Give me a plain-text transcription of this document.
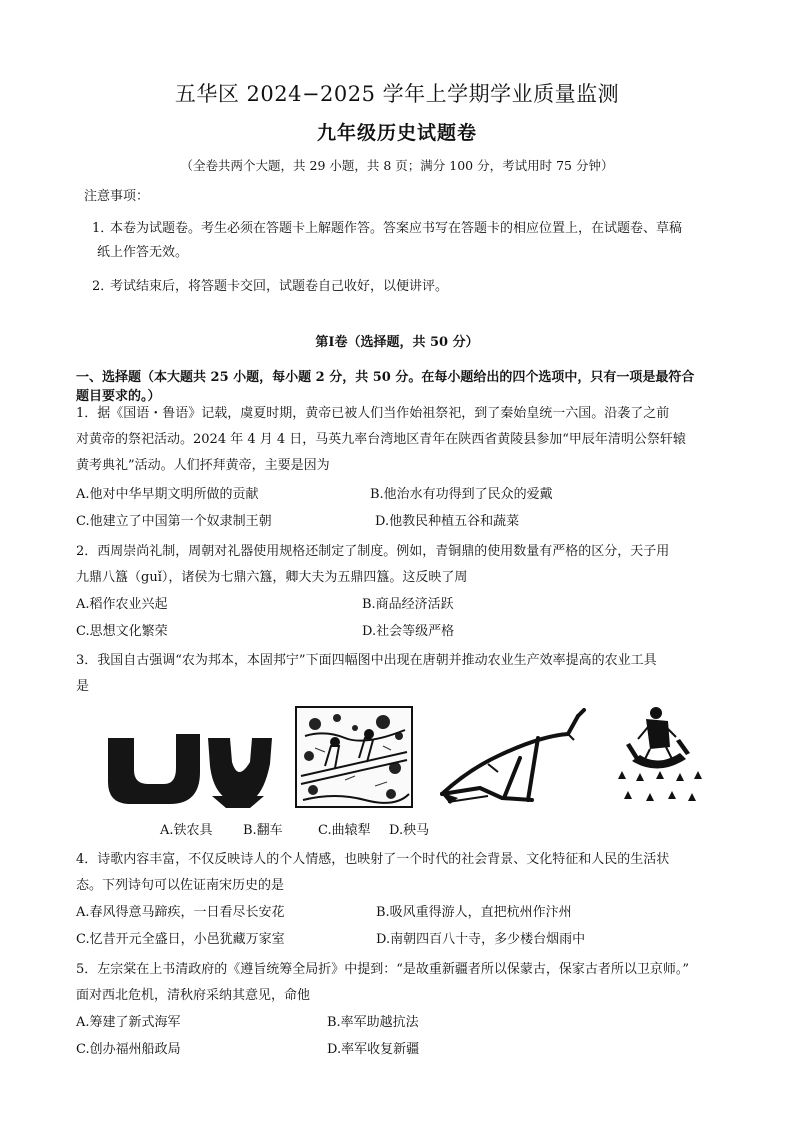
五华区 2024−2025 学年上学期学业质量监测
九年级历史试题卷
（全卷共两个大题，共 29 小题，共 8 页；满分 100 分，考试用时 75 分钟）
注意事项：
1．
本卷为试题卷。考生必须在答题卡上解题作答。答案应书写在答题卡的相应位置上，在试题卷、草稿
纸上作答无效。
2．
考试结束后，将答题卡交回，试题卷自己收好，以便讲评。
第Ⅰ卷（选择题，共 50 分）
一、选择题（本大题共 25 小题，每小题 2 分，共 50 分。在每小题给出的四个选项中，只有一项是最符合
题目要求的。）
1．据《国语・鲁语》记载，虞夏时期，黄帝已被人们当作始祖祭祀，到了秦始皇统一六国。沿袭了之前
对黄帝的祭祀活动。2024 年 4 月 4 日，马英九率台湾地区青年在陕西省黄陵县参加“甲辰年清明公祭轩辕
黄考典礼”活动。人们抔拜黄帝，主要是因为
A.他对中华早期文明所做的贡献	B.他治水有功得到了民众的爱戴
C.他建立了中国第一个奴隶制王朝	D.他教民种植五谷和蔬菜
2．西周崇尚礼制，周朝对礼器使用规格还制定了制度。例如，青铜鼎的使用数量有严格的区分，天子用
九鼎八簋（guǐ），诸侯为七鼎六簋，卿大夫为五鼎四簋。这反映了周
A.稻作农业兴起	B.商品经济活跃
C.思想文化繁荣	D.社会等级严格
3．我国自古强调“农为邦本，本固邦宁”下面四幅图中出现在唐朝并推动农业生产效率提高的农业工具
是
A.铁农具 B.翻车	C.曲辕犁 D.秧马
4．诗歌内容丰富，不仅反映诗人的个人情感，也映射了一个时代的社会背景、文化特征和人民的生活状
态。下列诗句可以佐证南宋历史的是
A.春风得意马蹄疾，一日看尽长安花	B.吸风重得游人，直把杭州作汴州
C.忆昔开元全盛日，小邑犹藏万家室	D.南朝四百八十寺，多少楼台烟雨中
5．左宗棠在上书清政府的《遵旨统筹全局折》中提到：“是故重新疆者所以保蒙古，保家古者所以卫京师。”
面对西北危机，清秋府采纳其意见，命他
A.筹建了新式海军	B.率军助越抗法
C.创办福州船政局	D.率军收复新疆
